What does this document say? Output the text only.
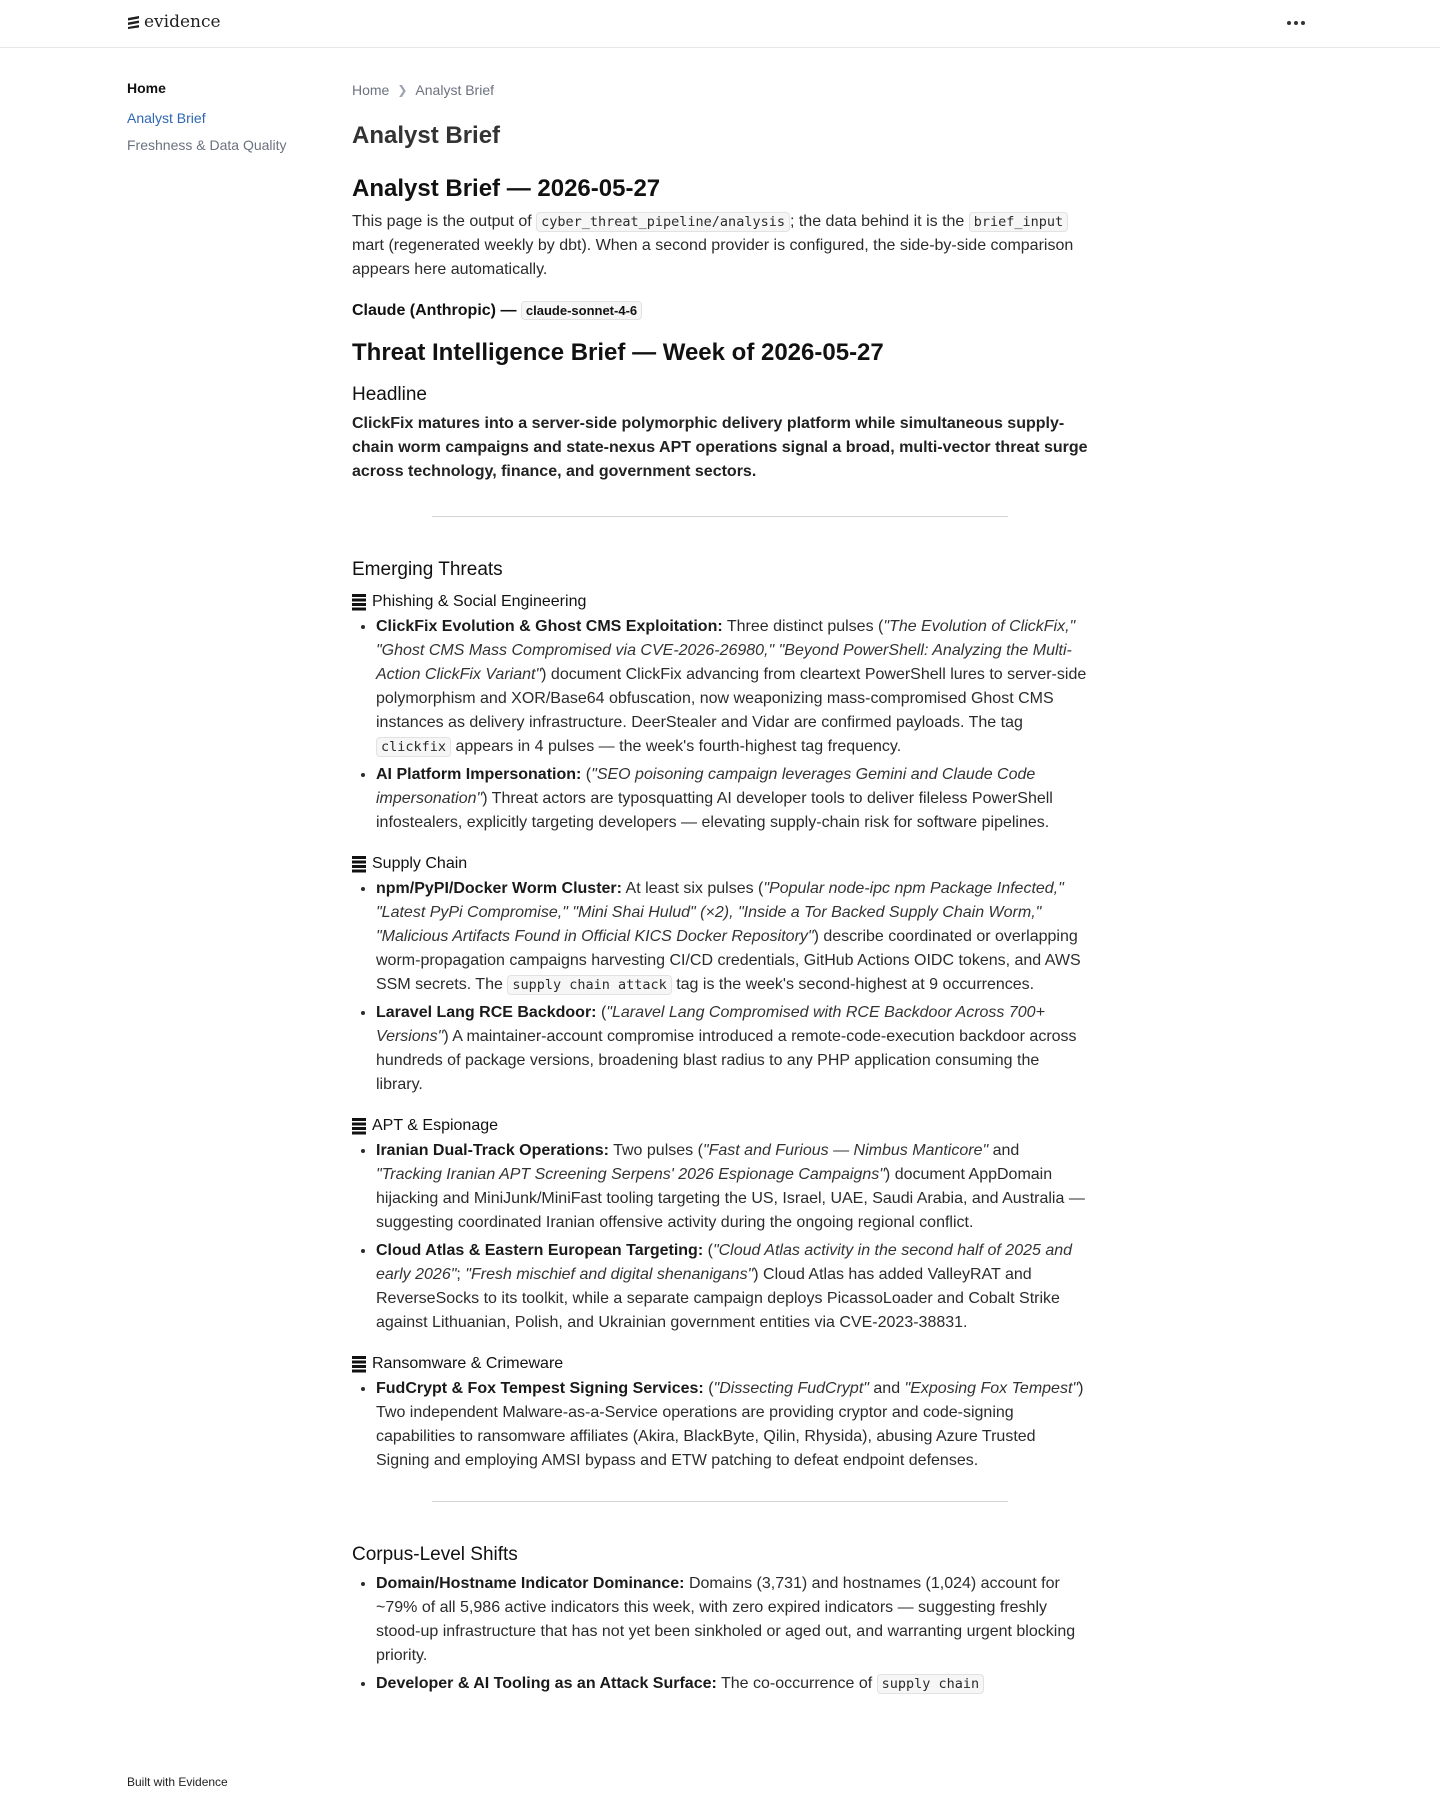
evidence
Home
Analyst Brief
Freshness & Data Quality
Built with Evidence
Home ❯ Analyst Brief
Analyst Brief
Analyst Brief — 2026-05-27

This page is the output of cyber_threat_pipeline/analysis ; the data behind it is the brief_input mart (regenerated weekly by dbt). When a second provider is configured, the side-by-side comparison appears here automatically.

Claude (Anthropic) — claude-sonnet-4-6
Threat Intelligence Brief — Week of 2026-05-27
Headline

ClickFix matures into a server-side polymorphic delivery platform while simultaneous supply-chain worm campaigns and state-nexus APT operations signal a broad, multi-vector threat surge across technology, finance, and government sectors.

Emerging Threats
Phishing & Social Engineering
• ClickFix Evolution & Ghost CMS Exploitation: Three distinct pulses ("The Evolution of ClickFix," "Ghost CMS Mass Compromised via CVE-2026-26980," "Beyond PowerShell: Analyzing the Multi-Action ClickFix Variant") document ClickFix advancing from cleartext PowerShell lures to server-side polymorphism and XOR/Base64 obfuscation, now weaponizing mass-compromised Ghost CMS instances as delivery infrastructure. DeerStealer and Vidar are confirmed payloads. The tag clickfix appears in 4 pulses — the week's fourth-highest tag frequency.
• AI Platform Impersonation: ("SEO poisoning campaign leverages Gemini and Claude Code impersonation") Threat actors are typosquatting AI developer tools to deliver fileless PowerShell infostealers, explicitly targeting developers — elevating supply-chain risk for software pipelines.
Supply Chain
• npm/PyPI/Docker Worm Cluster: At least six pulses ("Popular node-ipc npm Package Infected," "Latest PyPi Compromise," "Mini Shai Hulud" (×2), "Inside a Tor Backed Supply Chain Worm," "Malicious Artifacts Found in Official KICS Docker Repository") describe coordinated or overlapping worm-propagation campaigns harvesting CI/CD credentials, GitHub Actions OIDC tokens, and AWS SSM secrets. The supply chain attack tag is the week's second-highest at 9 occurrences.
• Laravel Lang RCE Backdoor: ("Laravel Lang Compromised with RCE Backdoor Across 700+ Versions") A maintainer-account compromise introduced a remote-code-execution backdoor across hundreds of package versions, broadening blast radius to any PHP application consuming the library.
APT & Espionage
• Iranian Dual-Track Operations: Two pulses ("Fast and Furious — Nimbus Manticore" and "Tracking Iranian APT Screening Serpens' 2026 Espionage Campaigns") document AppDomain hijacking and MiniJunk/MiniFast tooling targeting the US, Israel, UAE, Saudi Arabia, and Australia — suggesting coordinated Iranian offensive activity during the ongoing regional conflict.
• Cloud Atlas & Eastern European Targeting: ("Cloud Atlas activity in the second half of 2025 and early 2026"; "Fresh mischief and digital shenanigans") Cloud Atlas has added ValleyRAT and ReverseSocks to its toolkit, while a separate campaign deploys PicassoLoader and Cobalt Strike against Lithuanian, Polish, and Ukrainian government entities via CVE-2023-38831.
Ransomware & Crimeware
• FudCrypt & Fox Tempest Signing Services: ("Dissecting FudCrypt" and "Exposing Fox Tempest") Two independent Malware-as-a-Service operations are providing cryptor and code-signing capabilities to ransomware affiliates (Akira, BlackByte, Qilin, Rhysida), abusing Azure Trusted Signing and employing AMSI bypass and ETW patching to defeat endpoint defenses.
Corpus-Level Shifts
• Domain/Hostname Indicator Dominance: Domains (3,731) and hostnames (1,024) account for ~79% of all 5,986 active indicators this week, with zero expired indicators — suggesting freshly stood-up infrastructure that has not yet been sinkholed or aged out, and warranting urgent blocking priority.
• Developer & AI Tooling as an Attack Surface: The co-occurrence of supply chain
